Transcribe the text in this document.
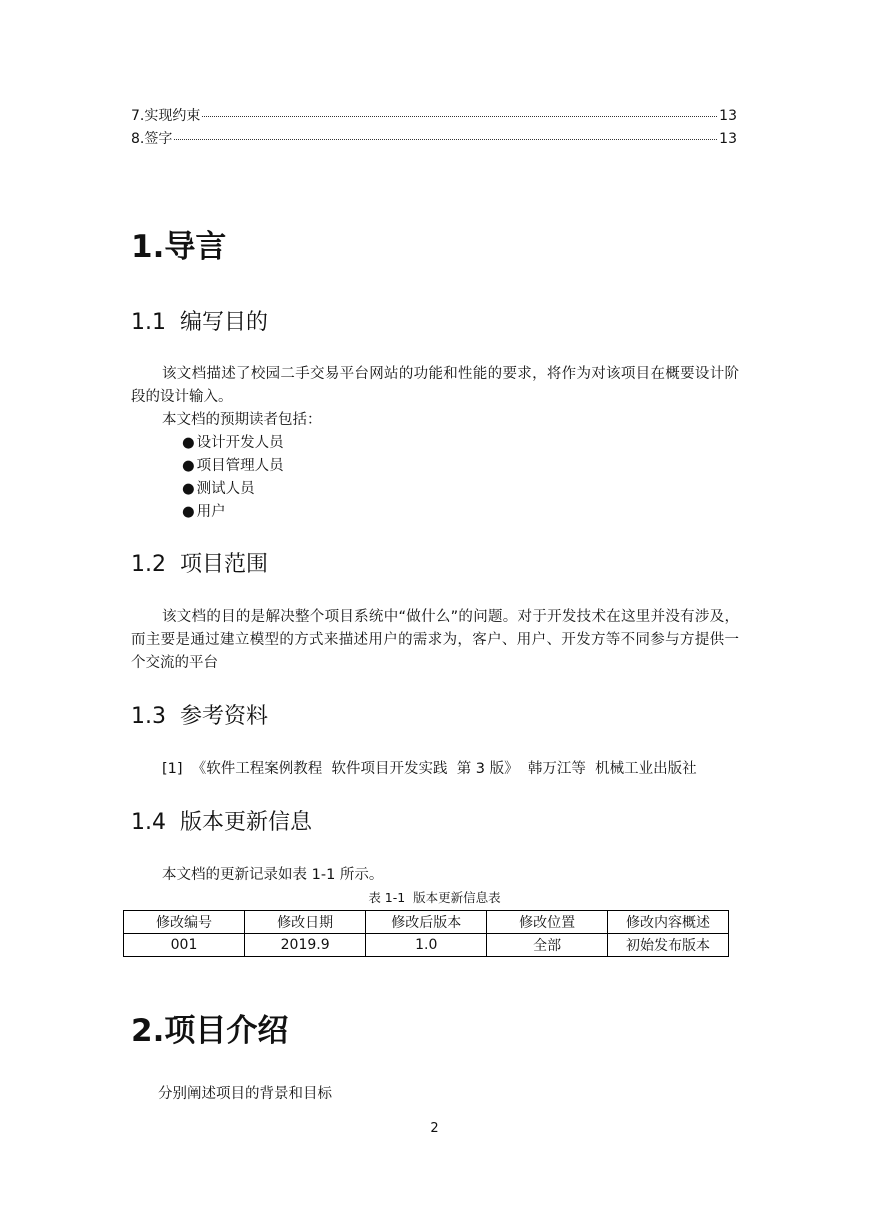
7.实现约束	13
8.签字	13
1.导言
1.1 编写目的

该文档描述了校园二手交易平台网站的功能和性能的要求，将作为对该项目在概要设计阶段的设计输入。

本文档的预期读者包括：

● 设计开发人员
● 项目管理人员
● 测试人员
● 用户
1.2 项目范围

该文档的目的是解决整个项目系统中“做什么”的问题。对于开发技术在这里并没有涉及，而主要是通过建立模型的方式来描述用户的需求为，客户、用户、开发方等不同参与方提供一个交流的平台

1.3 参考资料

[1]  《软件工程案例教程  软件项目开发实践  第 3 版》  韩万江等  机械工业出版社

1.4 版本更新信息

本文档的更新记录如表 1-1 所示。

表 1-1  版本更新信息表
修改编号	修改日期	修改后版本	修改位置	修改内容概述
001	2019.9	1.0	全部	初始发布版本
2.项目介绍

分别阐述项目的背景和目标

2
